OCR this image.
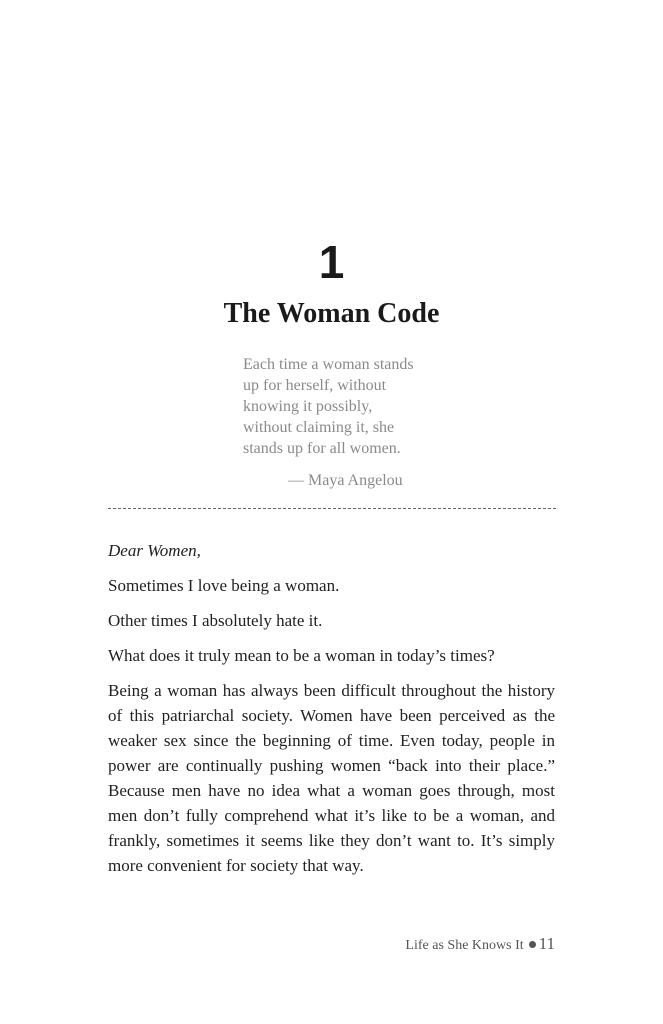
1
The Woman Code
Each time a woman stands
up for herself, without
knowing it possibly,
without claiming it, she
stands up for all women.
— Maya Angelou

Dear Women,

Sometimes I love being a woman.

Other times I absolutely hate it.

What does it truly mean to be a woman in today’s times?

Being a woman has always been difficult throughout the history of this patriarchal society. Women have been perceived as the weaker sex since the beginning of time. Even today, people in power are continually pushing women “back into their place.” Because men have no idea what a woman goes through, most men don’t fully comprehend what it’s like to be a woman, and frankly, sometimes it seems like they don’t want to. It’s simply more convenient for society that way.

Life as She Knows It 11
